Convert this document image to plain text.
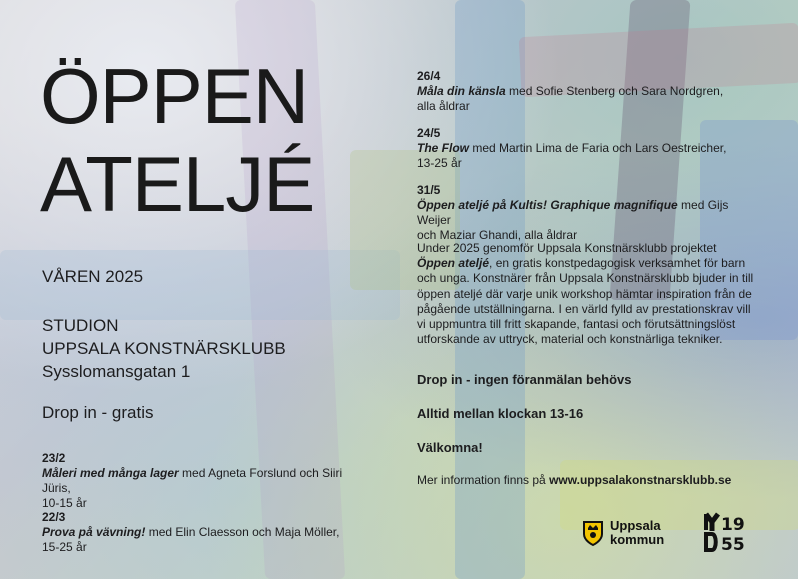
ÖPPEN
ATELJÉ
VÅREN 2025
STUDION
UPPSALA KONSTNÄRSKLUBB
Sysslomansgatan 1
Drop in - gratis
23/2
Måleri med många lager med Agneta Forslund och Siiri Jüris,
10-15 år
22/3
Prova på vävning! med Elin Claesson och Maja Möller,
15-25 år
26/4
Måla din känsla med Sofie Stenberg och Sara Nordgren,
alla åldrar
24/5
The Flow med Martin Lima de Faria och Lars Oestreicher,
13-25 år
31/5
Öppen ateljé på Kultis! Graphique magnifique med Gijs Weijer
och Maziar Ghandi, alla åldrar
Under 2025 genomför Uppsala Konstnärsklubb projektet
Öppen ateljé, en gratis konstpedagogisk verksamhet för barn och unga. Konstnärer från Uppsala Konstnärsklubb bjuder in till öppen ateljé där varje unik workshop hämtar inspiration från de pågående utställningarna. I en värld fylld av prestationskrav vill vi uppmuntra till fritt skapande, fantasi och förutsättningslöst utforskande av uttryck, material och konstnärliga tekniker.
Drop in - ingen föranmälan behövs
Alltid mellan klockan 13-16
Välkomna!
Mer information finns på www.uppsalakonstnarsklubb.se
Uppsala
kommun
19
55
